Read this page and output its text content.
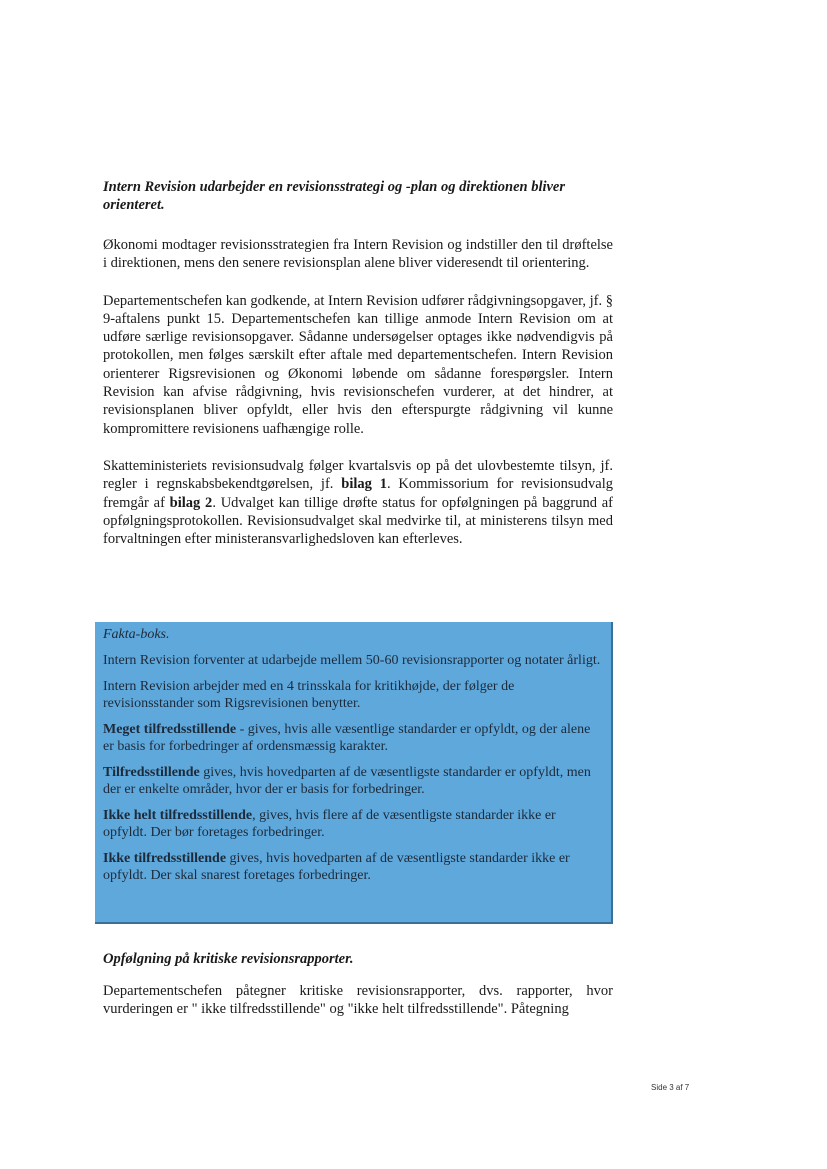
Intern Revision udarbejder en revisionsstrategi og -plan og direktionen bliver orienteret.

Økonomi modtager revisionsstrategien fra Intern Revision og indstiller den til drøftelse i direktionen, mens den senere revisionsplan alene bliver videresendt til orientering.

Departementschefen kan godkende, at Intern Revision udfører rådgivningsopgaver, jf. § 9-aftalens punkt 15. Departementschefen kan tillige anmode Intern Revision om at udføre særlige revisionsopgaver. Sådanne undersøgelser optages ikke nødvendigvis på protokollen, men følges særskilt efter aftale med departementschefen. Intern Revision orienterer Rigsrevisionen og Økonomi løbende om sådanne forespørgsler. Intern Revision kan afvise rådgivning, hvis revisionschefen vurderer, at det hindrer, at revisionsplanen bliver opfyldt, eller hvis den efterspurgte rådgivning vil kunne kompromittere revisionens uafhængige rolle.

Skatteministeriets revisionsudvalg følger kvartalsvis op på det ulovbestemte tilsyn, jf. regler i regnskabsbekendtgørelsen, jf. bilag 1. Kommissorium for revisionsudvalg fremgår af bilag 2. Udvalget kan tillige drøfte status for opfølgningen på baggrund af opfølgningsprotokollen. Revisionsudvalget skal medvirke til, at ministerens tilsyn med forvaltningen efter ministeransvarlighedsloven kan efterleves.

Fakta-boks.

Intern Revision forventer at udarbejde mellem 50-60 revisionsrapporter og notater årligt.

Intern Revision arbejder med en 4 trinsskala for kritikhøjde, der følger de revisionsstander som Rigsrevisionen benytter.

Meget tilfredsstillende - gives, hvis alle væsentlige standarder er opfyldt, og der alene er basis for forbedringer af ordensmæssig karakter.

Tilfredsstillende gives, hvis hovedparten af de væsentligste standarder er opfyldt, men der er enkelte områder, hvor der er basis for forbedringer.

Ikke helt tilfredsstillende, gives, hvis flere af de væsentligste standarder ikke er opfyldt. Der bør foretages forbedringer.

Ikke tilfredsstillende gives, hvis hovedparten af de væsentligste standarder ikke er opfyldt. Der skal snarest foretages forbedringer.

Opfølgning på kritiske revisionsrapporter.

Departementschefen påtegner kritiske revisionsrapporter, dvs. rapporter, hvor vurderingen er " ikke tilfredsstillende" og "ikke helt tilfredsstillende". Påtegning

Side 3 af 7
